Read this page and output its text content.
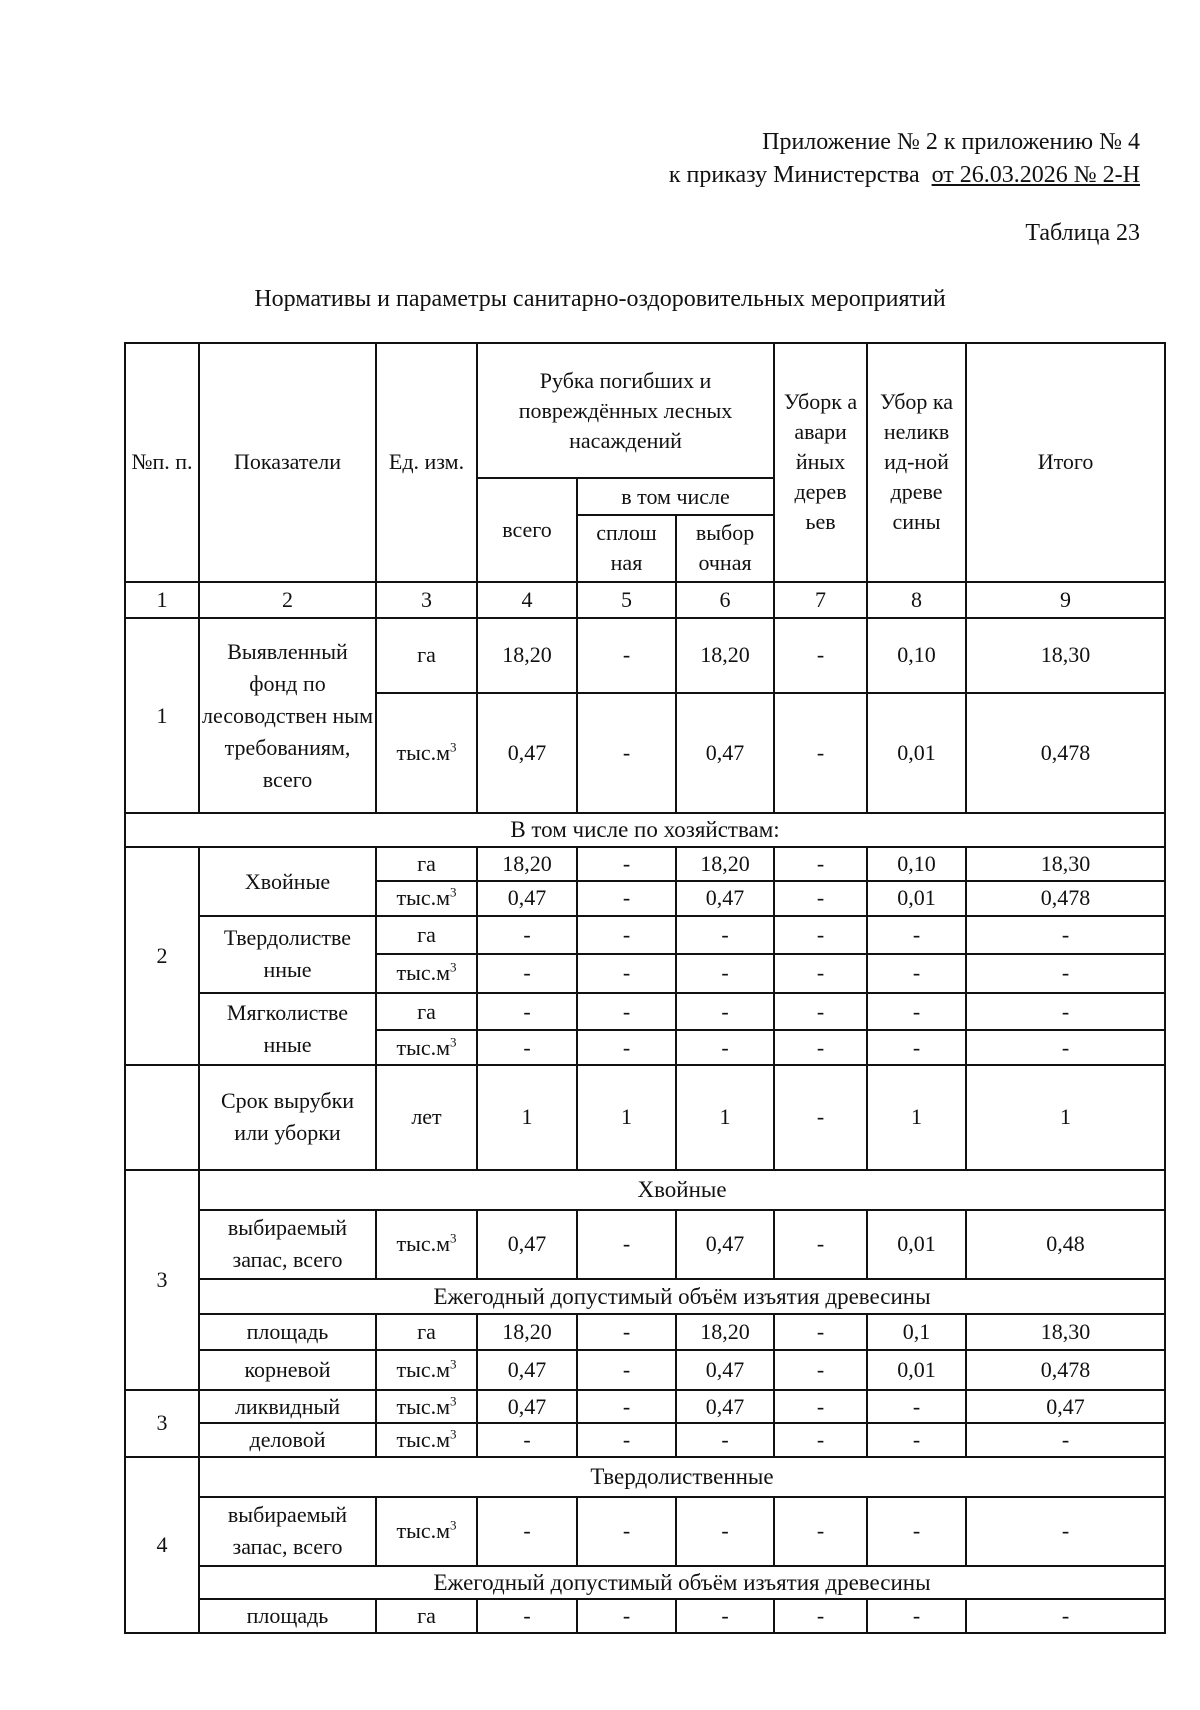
Приложение № 2 к приложению № 4
к приказу Министерства от 26.03.2026 № 2-Н
Таблица 23
Нормативы и параметры санитарно-оздоровительных мероприятий
№п. п.	Показатели	Ед. изм.	Рубка погибших и повреждённых лесных насаждений			Уборк а авари йных дерев ьев	Убор ка неликв ид-ной древе сины	Итого
			всего	в том числе				
				сплош ная	выбор очная			
1	2	3	4	5	6	7	8	9
1	Выявленный фонд по лесоводствен ным требованиям, всего	га	18,20	-	18,20	-	0,10	18,30
		$тыс.м^3$	0,47	-	0,47	-	0,01	0,478
В том числе по хозяйствам:								
2	Хвойные	га	18,20	-	18,20	-	0,10	18,30
		$тыс.м^3$	0,47	-	0,47	-	0,01	0,478
	Твердолистве нные	га	-	-	-	-	-	-
		$тыс.м^3$	-	-	-	-	-	-
	Мягколистве нные	га	-	-	-	-	-	-
		$тыс.м^3$	-	-	-	-	-	-
	Срок вырубки или уборки	лет	1	1	1	-	1	1
3	Хвойные							
	выбираемый запас, всего	$тыс.м^3$	0,47	-	0,47	-	0,01	0,48
	Ежегодный допустимый объём изъятия древесины							
	площадь	га	18,20	-	18,20	-	0,1	18,30
	корневой	$тыс.м^3$	0,47	-	0,47	-	0,01	0,478
3	ликвидный	$тыс.м^3$	0,47	-	0,47	-	-	0,47
	деловой	$тыс.м^3$	-	-	-	-	-	-
4	Твердолиственные							
	выбираемый запас, всего	$тыс.м^3$	-	-	-	-	-	-
	Ежегодный допустимый объём изъятия древесины							
	площадь	га	-	-	-	-	-	-
